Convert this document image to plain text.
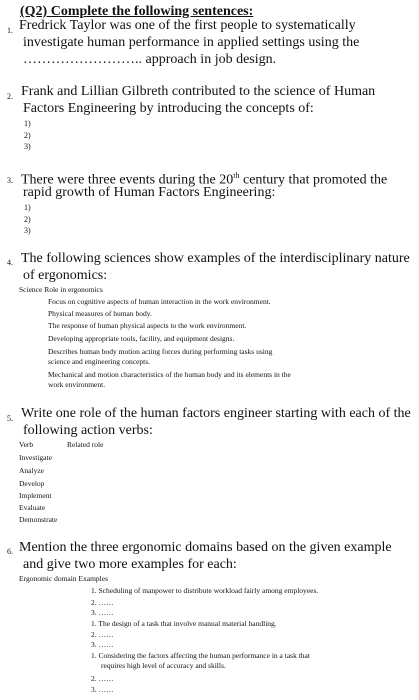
(Q2) Complete the following sentences:
1. Fredrick Taylor was one of the first people to systematically
investigate human performance in applied settings using the
…………………….. approach in job design.
2. Frank and Lillian Gilbreth contributed to the science of Human
Factors Engineering by introducing the concepts of:
1)
2)
3)
3. There were three events during the 20th century that promoted the
rapid growth of Human Factors Engineering:
1)
2)
3)
4. The following sciences show examples of the interdisciplinary nature
of ergonomics:
Science Role in ergonomics
Focus on cognitive aspects of human interaction in the work environment.
Physical measures of human body.
The response of human physical aspects to the work environment.
Developing appropriate tools, facility, and equipment designs.
Describes human body motion acting forces during performing tasks using
science and engineering concepts.
Mechanical and motion characteristics of the human body and its elements in the
work environment.
5. Write one role of the human factors engineer starting with each of the
following action verbs:
Verb	Related role
Investigate
Analyze
Develop
Implement
Evaluate
Demonstrate
6. Mention the three ergonomic domains based on the given example
and give two more examples for each:
Ergonomic domain Examples
1. Scheduling of manpower to distribute workload fairly among employees.
2. ……
3. ……
1. The design of a task that involve manual material handling.
2. ……
3. ……
1. Considering the factors affecting the human performance in a task that
requires high level of accuracy and skills.
2. ……
3. ……
